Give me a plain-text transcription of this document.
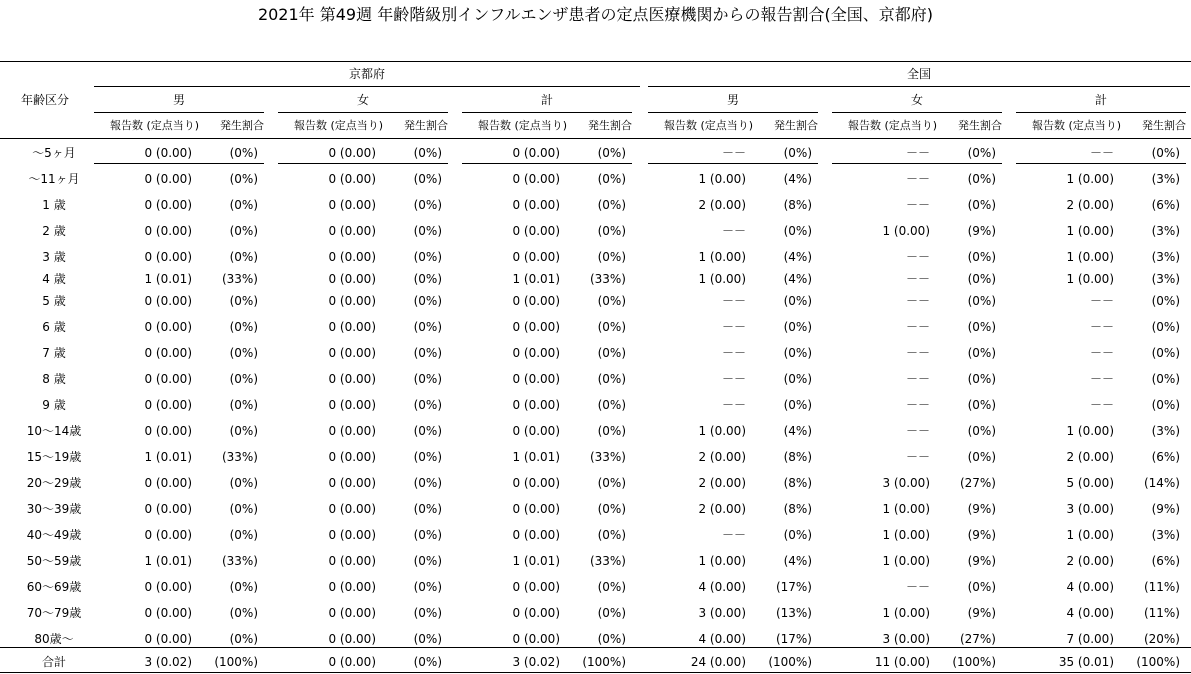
2021年 第49週 年齢階級別インフルエンザ患者の定点医療機関からの報告割合(全国、京都府)
年齢区分
京都府	全国
男
報告数 (定点当り)	発生割合
女
報告数 (定点当り)	発生割合
計
報告数 (定点当り)	発生割合
男
報告数 (定点当り)	発生割合
女
報告数 (定点当り)	発生割合
計
報告数 (定点当り)	発生割合
～5ヶ月	0 (0.00)	(0%)	0 (0.00)	(0%)	0 (0.00)	(0%)	－－	(0%)	－－	(0%)	－－	(0%)
～11ヶ月	0 (0.00)	(0%)	0 (0.00)	(0%)	0 (0.00)	(0%)	1 (0.00)	(4%)	－－	(0%)	1 (0.00)	(3%)
1 歳	0 (0.00)	(0%)	0 (0.00)	(0%)	0 (0.00)	(0%)	2 (0.00)	(8%)	－－	(0%)	2 (0.00)	(6%)
2 歳	0 (0.00)	(0%)	0 (0.00)	(0%)	0 (0.00)	(0%)	－－	(0%)	1 (0.00)	(9%)	1 (0.00)	(3%)
3 歳	0 (0.00)	(0%)	0 (0.00)	(0%)	0 (0.00)	(0%)	1 (0.00)	(4%)	－－	(0%)	1 (0.00)	(3%)
4 歳	1 (0.01)	(33%)	0 (0.00)	(0%)	1 (0.01)	(33%)	1 (0.00)	(4%)	－－	(0%)	1 (0.00)	(3%)
5 歳	0 (0.00)	(0%)	0 (0.00)	(0%)	0 (0.00)	(0%)	－－	(0%)	－－	(0%)	－－	(0%)
6 歳	0 (0.00)	(0%)	0 (0.00)	(0%)	0 (0.00)	(0%)	－－	(0%)	－－	(0%)	－－	(0%)
7 歳	0 (0.00)	(0%)	0 (0.00)	(0%)	0 (0.00)	(0%)	－－	(0%)	－－	(0%)	－－	(0%)
8 歳	0 (0.00)	(0%)	0 (0.00)	(0%)	0 (0.00)	(0%)	－－	(0%)	－－	(0%)	－－	(0%)
9 歳	0 (0.00)	(0%)	0 (0.00)	(0%)	0 (0.00)	(0%)	－－	(0%)	－－	(0%)	－－	(0%)
10～14歳	0 (0.00)	(0%)	0 (0.00)	(0%)	0 (0.00)	(0%)	1 (0.00)	(4%)	－－	(0%)	1 (0.00)	(3%)
15～19歳	1 (0.01)	(33%)	0 (0.00)	(0%)	1 (0.01)	(33%)	2 (0.00)	(8%)	－－	(0%)	2 (0.00)	(6%)
20～29歳	0 (0.00)	(0%)	0 (0.00)	(0%)	0 (0.00)	(0%)	2 (0.00)	(8%)	3 (0.00)	(27%)	5 (0.00)	(14%)
30～39歳	0 (0.00)	(0%)	0 (0.00)	(0%)	0 (0.00)	(0%)	2 (0.00)	(8%)	1 (0.00)	(9%)	3 (0.00)	(9%)
40～49歳	0 (0.00)	(0%)	0 (0.00)	(0%)	0 (0.00)	(0%)	－－	(0%)	1 (0.00)	(9%)	1 (0.00)	(3%)
50～59歳	1 (0.01)	(33%)	0 (0.00)	(0%)	1 (0.01)	(33%)	1 (0.00)	(4%)	1 (0.00)	(9%)	2 (0.00)	(6%)
60～69歳	0 (0.00)	(0%)	0 (0.00)	(0%)	0 (0.00)	(0%)	4 (0.00)	(17%)	－－	(0%)	4 (0.00)	(11%)
70～79歳	0 (0.00)	(0%)	0 (0.00)	(0%)	0 (0.00)	(0%)	3 (0.00)	(13%)	1 (0.00)	(9%)	4 (0.00)	(11%)
80歳～	0 (0.00)	(0%)	0 (0.00)	(0%)	0 (0.00)	(0%)	4 (0.00)	(17%)	3 (0.00)	(27%)	7 (0.00)	(20%)
合計	3 (0.02)	(100%)	0 (0.00)	(0%)	3 (0.02)	(100%)	24 (0.00)	(100%)	11 (0.00)	(100%)	35 (0.01)	(100%)
